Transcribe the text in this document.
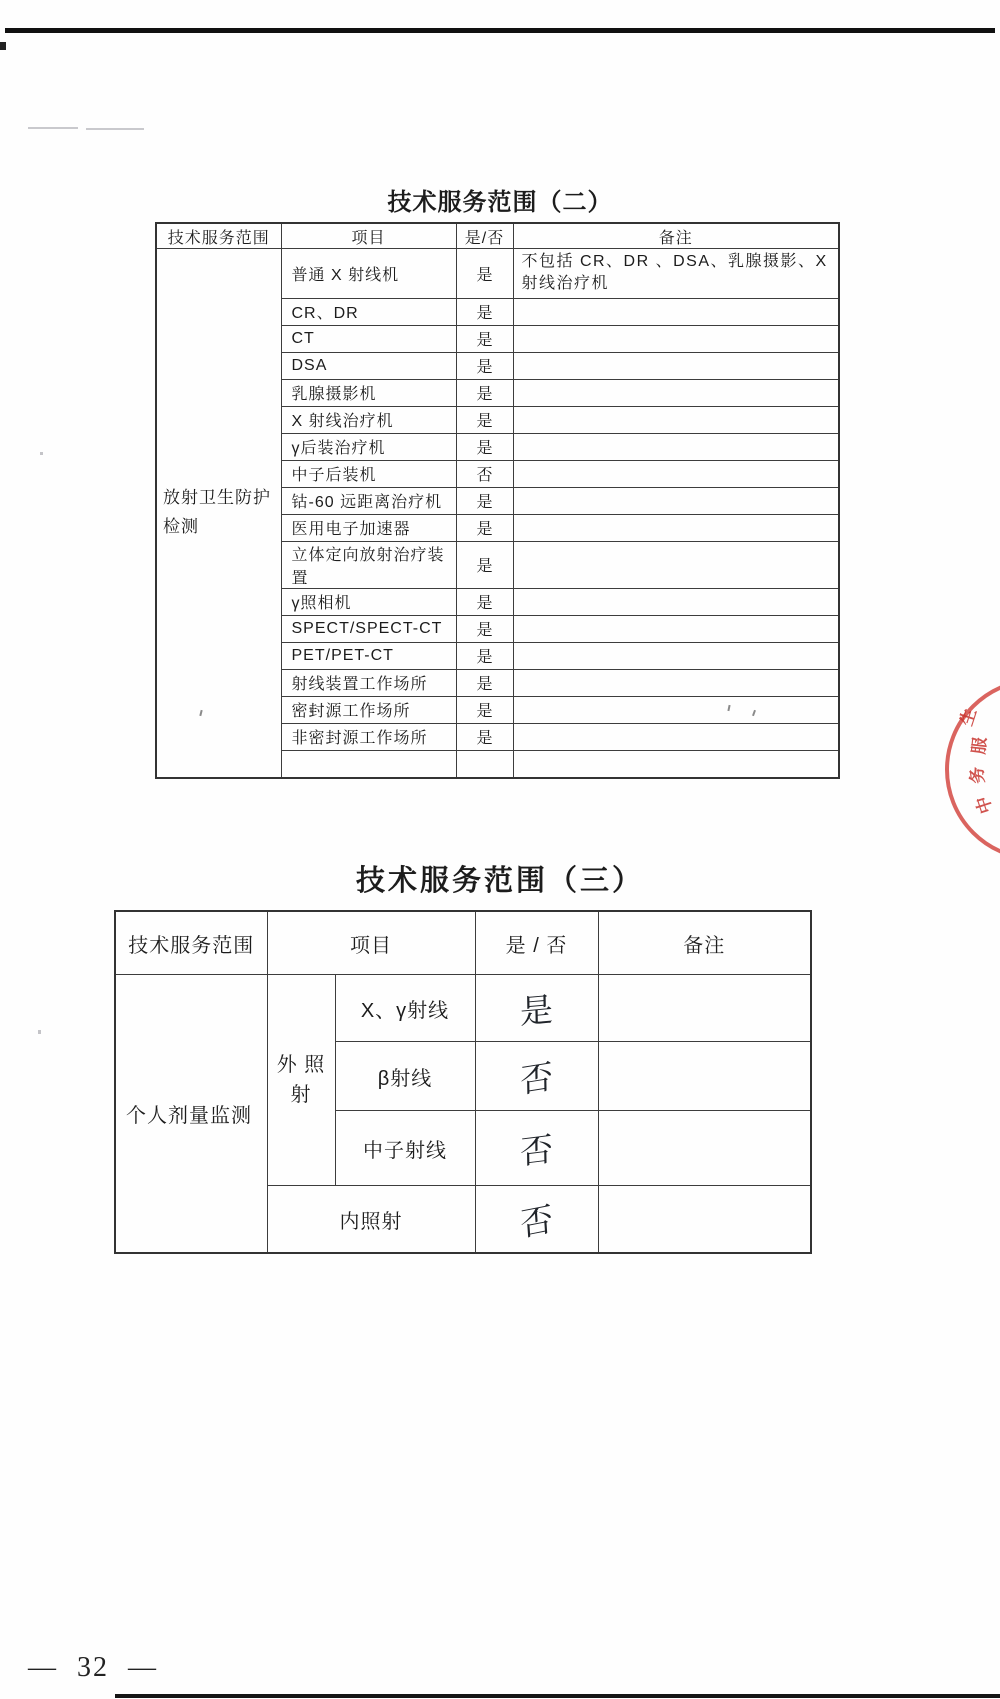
技术服务范围（二）
技术服务范围	项目	是/否	备注
放射卫生防护检测	普通 X 射线机	是	不包括 CR、DR 、DSA、乳腺摄影、X 射线治疗机
	CR、DR	是	
	CT	是	
	DSA	是	
	乳腺摄影机	是	
	X 射线治疗机	是	
	γ后装治疗机	是	
	中子后装机	否	
	钴-60 远距离治疗机	是	
	医用电子加速器	是	
	立体定向放射治疗装置	是	
	γ照相机	是	
	SPECT/SPECT-CT	是	
	PET/PET-CT	是	
	射线装置工作场所	是	
	密封源工作场所	是	
	非密封源工作场所	是	

技术服务范围（三）
技术服务范围	项目		是 / 否	备注
个人剂量监测	外 照 射	X、γ射线	是	
		β射线	否	
		中子射线	否	
	内照射		否	
生
服
务
中
— 32 —
